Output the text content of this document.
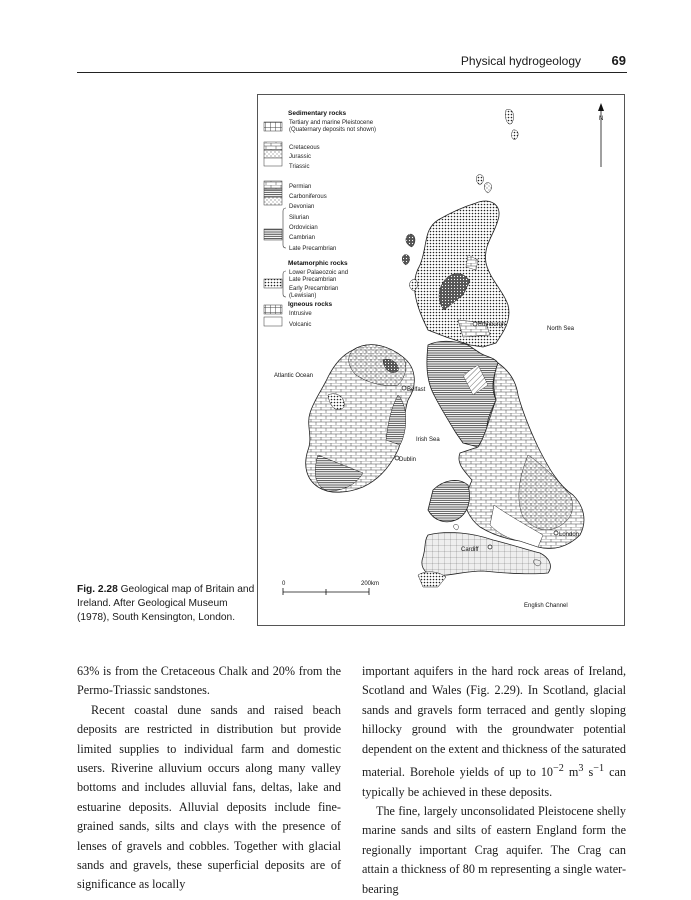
Physical hydrogeology 69
Sedimentary rocks
Tertiary and marine Pleistocene
(Quaternary deposits not shown)
Cretaceous
Jurassic
Triassic
Permian
Carboniferous
Devonian
Silurian
Ordovician
Cambrian
Late Precambrian
Metamorphic rocks
Lower Palaeozoic and
Late Precambrian
Early Precambrian
(Lewisian)
Igneous rocks
Intrusive
Volcanic
N
Edinburgh
North Sea
Atlantic Ocean
Belfast
Irish Sea
Dublin
London
Cardiff
English Channel
0	200km
Fig. 2.28 Geological map of Britain and Ireland. After Geological Museum (1978), South Kensington, London.

63% is from the Cretaceous Chalk and 20% from the Permo-Triassic sandstones.

Recent coastal dune sands and raised beach deposits are restricted in distribution but provide limited supplies to individual farm and domestic users. Riverine alluvium occurs along many valley bottoms and includes alluvial fans, deltas, lake and estuarine deposits. Alluvial deposits include fine-grained sands, silts and clays with the presence of lenses of gravels and cobbles. Together with glacial sands and gravels, these superficial deposits are of significance as locally

important aquifers in the hard rock areas of Ireland, Scotland and Wales (Fig. 2.29). In Scotland, glacial sands and gravels form terraced and gently sloping hillocky ground with the groundwater potential dependent on the extent and thickness of the saturated material. Borehole yields of up to $10^{-2}$ $m^3$ $s^{-1}$ can typically be achieved in these deposits.

The fine, largely unconsolidated Pleistocene shelly marine sands and silts of eastern England form the regionally important Crag aquifer. The Crag can attain a thickness of 80 m representing a single water-bearing
